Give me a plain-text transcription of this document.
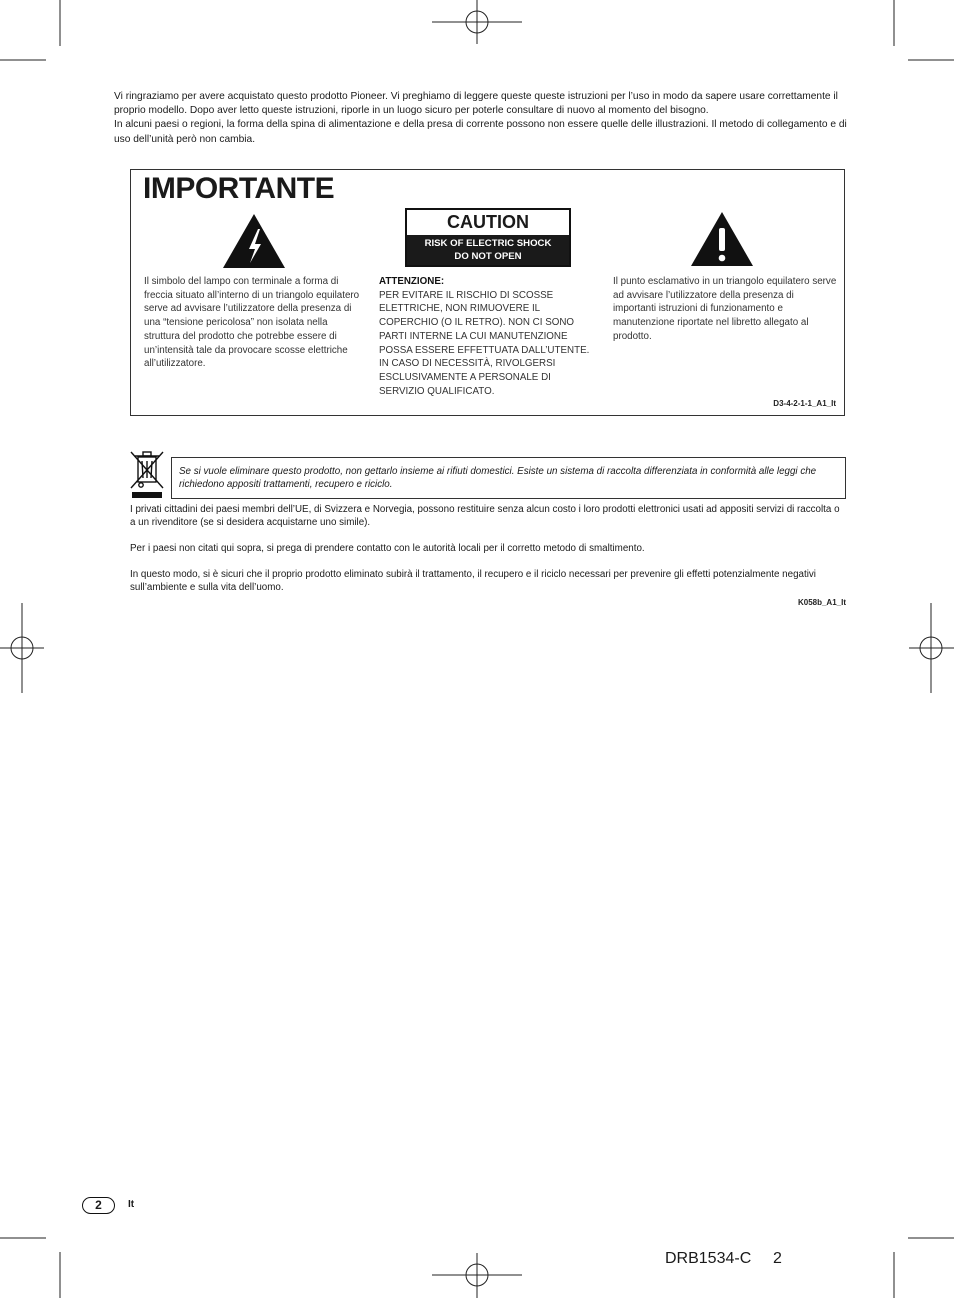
Vi ringraziamo per avere acquistato questo prodotto Pioneer. Vi preghiamo di leggere queste queste istruzioni per l’uso in modo da sapere usare correttamente il proprio modello. Dopo aver letto queste istruzioni, riporle in un luogo sicuro per poterle consultare di nuovo al momento del bisogno.

In alcuni paesi o regioni, la forma della spina di alimentazione e della presa di corrente possono non essere quelle delle illustrazioni. Il metodo di collegamento e di uso dell’unità però non cambia.

IMPORTANTE
CAUTION
RISK OF ELECTRIC SHOCK
DO NOT OPEN
Il simbolo del lampo con terminale a forma di freccia situato all’interno di un triangolo equilatero serve ad avvisare l’utilizzatore della presenza di una “tensione pericolosa” non isolata nella struttura del prodotto che potrebbe essere di un’intensità tale da provocare scosse elettriche all’utilizzatore.
ATTENZIONE:
PER EVITARE IL RISCHIO DI SCOSSE ELETTRICHE, NON RIMUOVERE IL COPERCHIO (O IL RETRO). NON CI SONO PARTI INTERNE LA CUI MANUTENZIONE POSSA ESSERE EFFETTUATA DALL’UTENTE. IN CASO DI NECESSITÀ, RIVOLGERSI ESCLUSIVAMENTE A PERSONALE DI SERVIZIO QUALIFICATO.
Il punto esclamativo in un triangolo equilatero serve ad avvisare l’utilizzatore della presenza di importanti istruzioni di funzionamento e manutenzione riportate nel libretto allegato al prodotto.
D3-4-2-1-1_A1_It
Se si vuole eliminare questo prodotto, non gettarlo insieme ai rifiuti domestici. Esiste un sistema di raccolta differenziata in conformità alle leggi che richiedono appositi trattamenti, recupero e riciclo.
I privati cittadini dei paesi membri dell’UE, di Svizzera e Norvegia, possono restituire senza alcun costo i loro prodotti elettronici usati ad appositi servizi di raccolta o a un rivenditore (se si desidera acquistarne uno simile).
Per i paesi non citati qui sopra, si prega di prendere contatto con le autorità locali per il corretto metodo di smaltimento.
In questo modo, si è sicuri che il proprio prodotto eliminato subirà il trattamento, il recupero e il riciclo necessari per prevenire gli effetti potenzialmente negativi sull’ambiente e sulla vita dell’uomo.
K058b_A1_It
2	It
DRB1534-C 2
